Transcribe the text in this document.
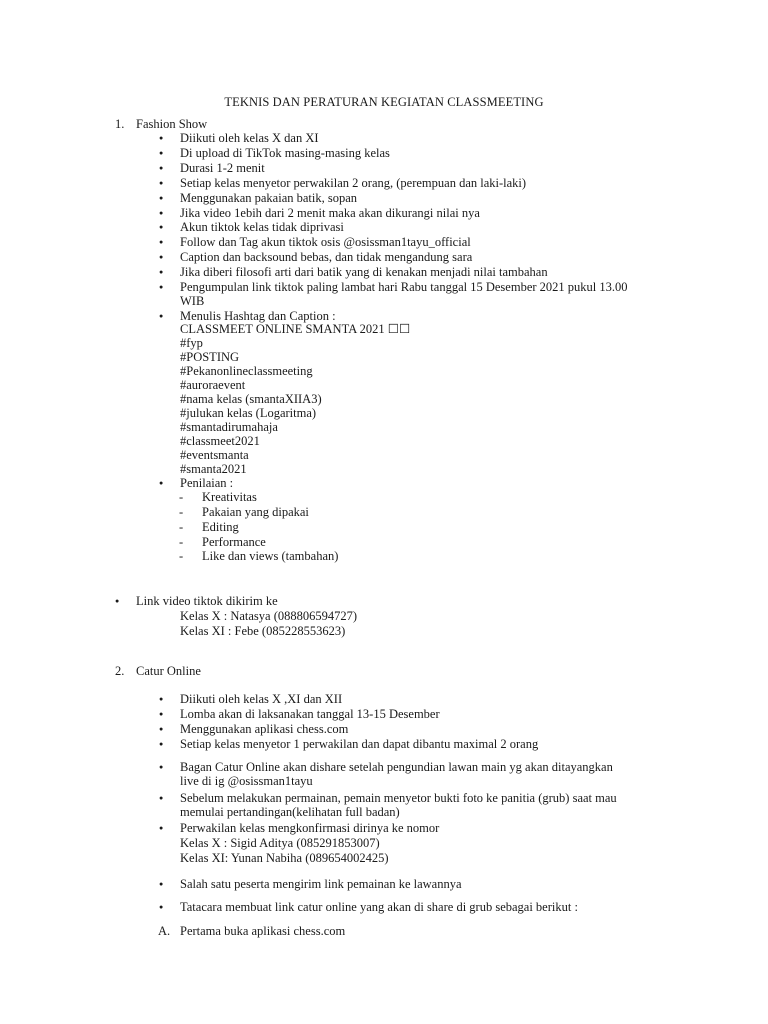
TEKNIS DAN PERATURAN KEGIATAN CLASSMEETING
1. Fashion Show
● Diikuti oleh kelas X dan XI
● Di upload di TikTok masing-masing kelas
● Durasi 1-2 menit
● Setiap kelas menyetor perwakilan 2 orang, (perempuan dan laki-laki)
● Menggunakan pakaian batik, sopan
● Jika video 1ebih dari 2 menit maka akan dikurangi nilai nya
● Akun tiktok kelas tidak diprivasi
● Follow dan Tag akun tiktok osis @osissman1tayu_official
● Caption dan backsound bebas, dan tidak mengandung sara
● Jika diberi filosofi arti dari batik yang di kenakan menjadi nilai tambahan
● Pengumpulan link tiktok paling lambat hari Rabu tanggal 15 Desember 2021 pukul 13.00
WIB
● Menulis Hashtag dan Caption :
CLASSMEET ONLINE SMANTA 2021 ☐☐
#fyp
#POSTING
#Pekanonlineclassmeeting
#auroraevent
#nama kelas (smantaXIIA3)
#julukan kelas (Logaritma)
#smantadirumahaja
#classmeet2021
#eventsmanta
#smanta2021
● Penilaian :
- Kreativitas
- Pakaian yang dipakai
- Editing
- Performance
- Like dan views (tambahan)
● Link video tiktok dikirim ke
Kelas X : Natasya (088806594727)
Kelas XI : Febe (085228553623)
2. Catur Online
● Diikuti oleh kelas X ,XI dan XII
● Lomba akan di laksanakan tanggal 13-15 Desember
● Menggunakan aplikasi chess.com
● Setiap kelas menyetor 1 perwakilan dan dapat dibantu maximal 2 orang
● Bagan Catur Online akan dishare setelah pengundian lawan main yg akan ditayangkan
live di ig @osissman1tayu
● Sebelum melakukan permainan, pemain menyetor bukti foto ke panitia (grub) saat mau
memulai pertandingan(kelihatan full badan)
● Perwakilan kelas mengkonfirmasi dirinya ke nomor
Kelas X : Sigid Aditya (085291853007)
Kelas XI: Yunan Nabiha (089654002425)
● Salah satu peserta mengirim link pemainan ke lawannya
● Tatacara membuat link catur online yang akan di share di grub sebagai berikut :
A. Pertama buka aplikasi chess.com
